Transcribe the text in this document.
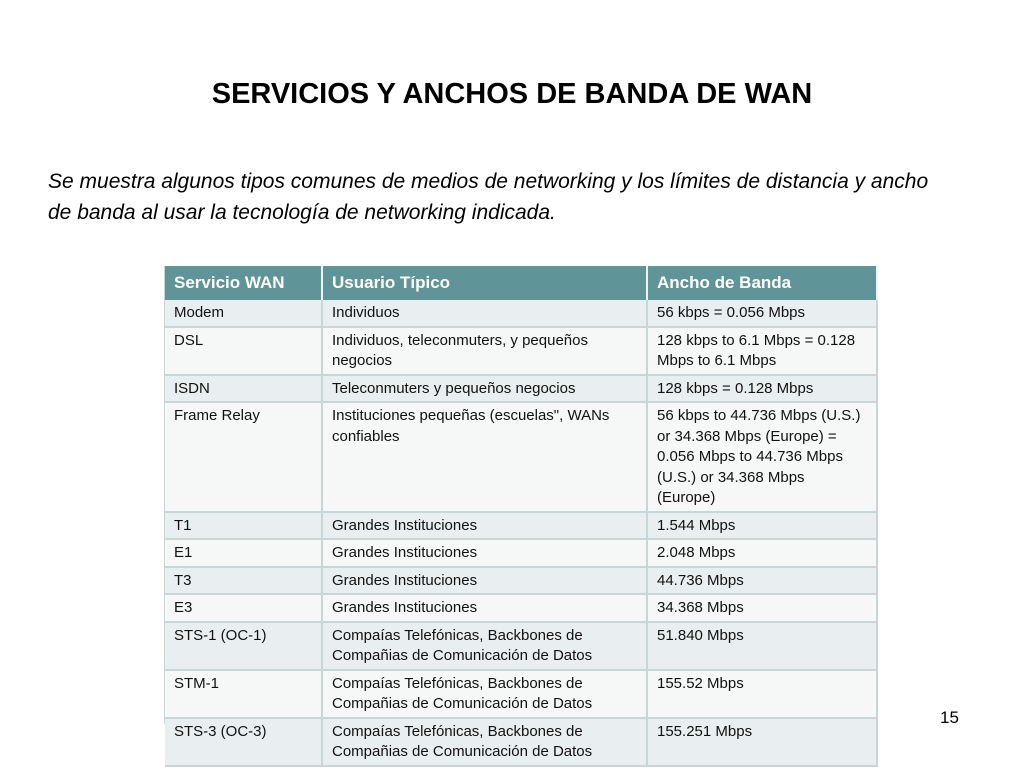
SERVICIOS Y ANCHOS DE BANDA DE WAN
Se muestra algunos tipos comunes de medios de networking y los límites de distancia y ancho de banda al usar la tecnología de networking indicada.
Servicio WAN	Usuario Típico	Ancho de Banda
Modem	Individuos	56 kbps = 0.056 Mbps
DSL	Individuos, teleconmuters, y pequeños negocios	128 kbps to 6.1 Mbps = 0.128 Mbps to 6.1 Mbps
ISDN	Teleconmuters y pequeños negocios	128 kbps = 0.128 Mbps
Frame Relay	Instituciones pequeñas (escuelas", WANs confiables	56 kbps to 44.736 Mbps (U.S.) or 34.368 Mbps (Europe) = 0.056 Mbps to 44.736 Mbps (U.S.) or 34.368 Mbps (Europe)
T1	Grandes Instituciones	1.544 Mbps
E1	Grandes Instituciones	2.048 Mbps
T3	Grandes Instituciones	44.736 Mbps
E3	Grandes Instituciones	34.368 Mbps
STS-1 (OC-1)	Compaías Telefónicas, Backbones de Compañias de Comunicación de Datos	51.840 Mbps
STM-1	Compaías Telefónicas, Backbones de Compañias de Comunicación de Datos	155.52 Mbps
STS-3 (OC-3)	Compaías Telefónicas, Backbones de Compañias de Comunicación de Datos	155.251 Mbps
15
